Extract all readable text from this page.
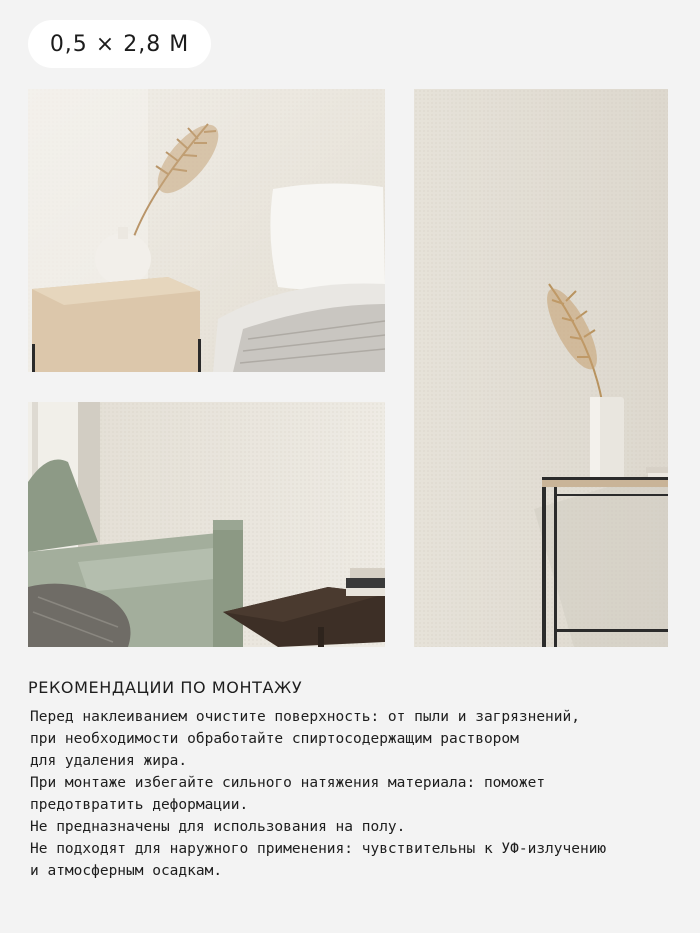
0,5 × 2,8 М
РЕКОМЕНДАЦИИ ПО МОНТАЖУ

Перед наклеиванием очистите поверхность: от пыли и загрязнений,

при необходимости обработайте спиртосодержащим раствором

для удаления жира.

При монтаже избегайте сильного натяжения материала: поможет

предотвратить деформации.

Не предназначены для использования на полу.

Не подходят для наружного применения: чувствительны к УФ-излучению

и атмосферным осадкам.
